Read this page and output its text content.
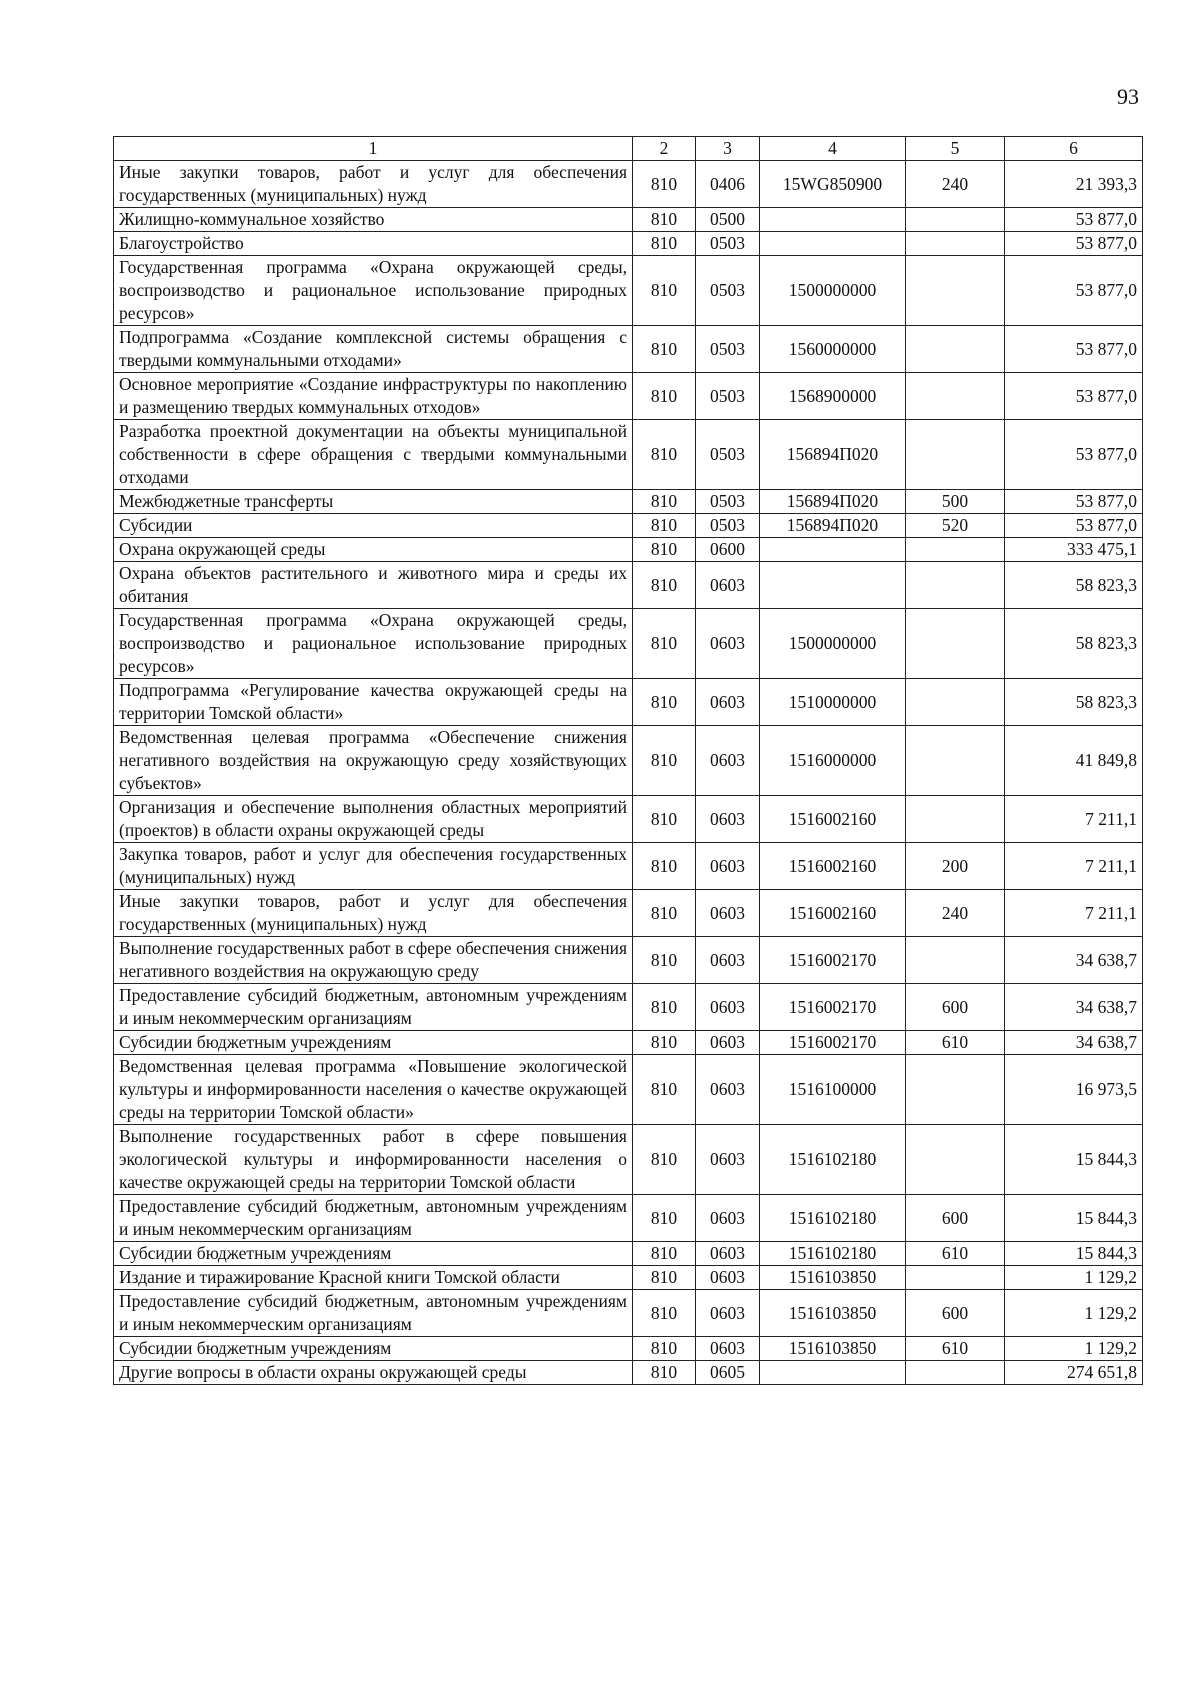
93
1	2	3	4	5	6
Иные закупки товаров, работ и услуг для обеспечения государственных (муниципальных) нужд	810	0406	15WG850900	240	21 393,3
Жилищно-коммунальное хозяйство	810	0500			53 877,0
Благоустройство	810	0503			53 877,0
Государственная программа «Охрана окружающей среды, воспроизводство и рациональное использование природных ресурсов»	810	0503	1500000000		53 877,0
Подпрограмма «Создание комплексной системы обращения с твердыми коммунальными отходами»	810	0503	1560000000		53 877,0
Основное мероприятие «Создание инфраструктуры по накоплению и размещению твердых коммунальных отходов»	810	0503	1568900000		53 877,0
Разработка проектной документации на объекты муниципальной собственности в сфере обращения с твердыми коммунальными отходами	810	0503	156894П020		53 877,0
Межбюджетные трансферты	810	0503	156894П020	500	53 877,0
Субсидии	810	0503	156894П020	520	53 877,0
Охрана окружающей среды	810	0600			333 475,1
Охрана объектов растительного и животного мира и среды их обитания	810	0603			58 823,3
Государственная программа «Охрана окружающей среды, воспроизводство и рациональное использование природных ресурсов»	810	0603	1500000000		58 823,3
Подпрограмма «Регулирование качества окружающей среды на территории Томской области»	810	0603	1510000000		58 823,3
Ведомственная целевая программа «Обеспечение снижения негативного воздействия на окружающую среду хозяйствующих субъектов»	810	0603	1516000000		41 849,8
Организация и обеспечение выполнения областных мероприятий (проектов) в области охраны окружающей среды	810	0603	1516002160		7 211,1
Закупка товаров, работ и услуг для обеспечения государственных (муниципальных) нужд	810	0603	1516002160	200	7 211,1
Иные закупки товаров, работ и услуг для обеспечения государственных (муниципальных) нужд	810	0603	1516002160	240	7 211,1
Выполнение государственных работ в сфере обеспечения снижения негативного воздействия на окружающую среду	810	0603	1516002170		34 638,7
Предоставление субсидий бюджетным, автономным учреждениям и иным некоммерческим организациям	810	0603	1516002170	600	34 638,7
Субсидии бюджетным учреждениям	810	0603	1516002170	610	34 638,7
Ведомственная целевая программа «Повышение экологической культуры и информированности населения о качестве окружающей среды на территории Томской области»	810	0603	1516100000		16 973,5
Выполнение государственных работ в сфере повышения экологической культуры и информированности населения о качестве окружающей среды на территории Томской области	810	0603	1516102180		15 844,3
Предоставление субсидий бюджетным, автономным учреждениям и иным некоммерческим организациям	810	0603	1516102180	600	15 844,3
Субсидии бюджетным учреждениям	810	0603	1516102180	610	15 844,3
Издание и тиражирование Красной книги Томской области	810	0603	1516103850		1 129,2
Предоставление субсидий бюджетным, автономным учреждениям и иным некоммерческим организациям	810	0603	1516103850	600	1 129,2
Субсидии бюджетным учреждениям	810	0603	1516103850	610	1 129,2
Другие вопросы в области охраны окружающей среды	810	0605			274 651,8
